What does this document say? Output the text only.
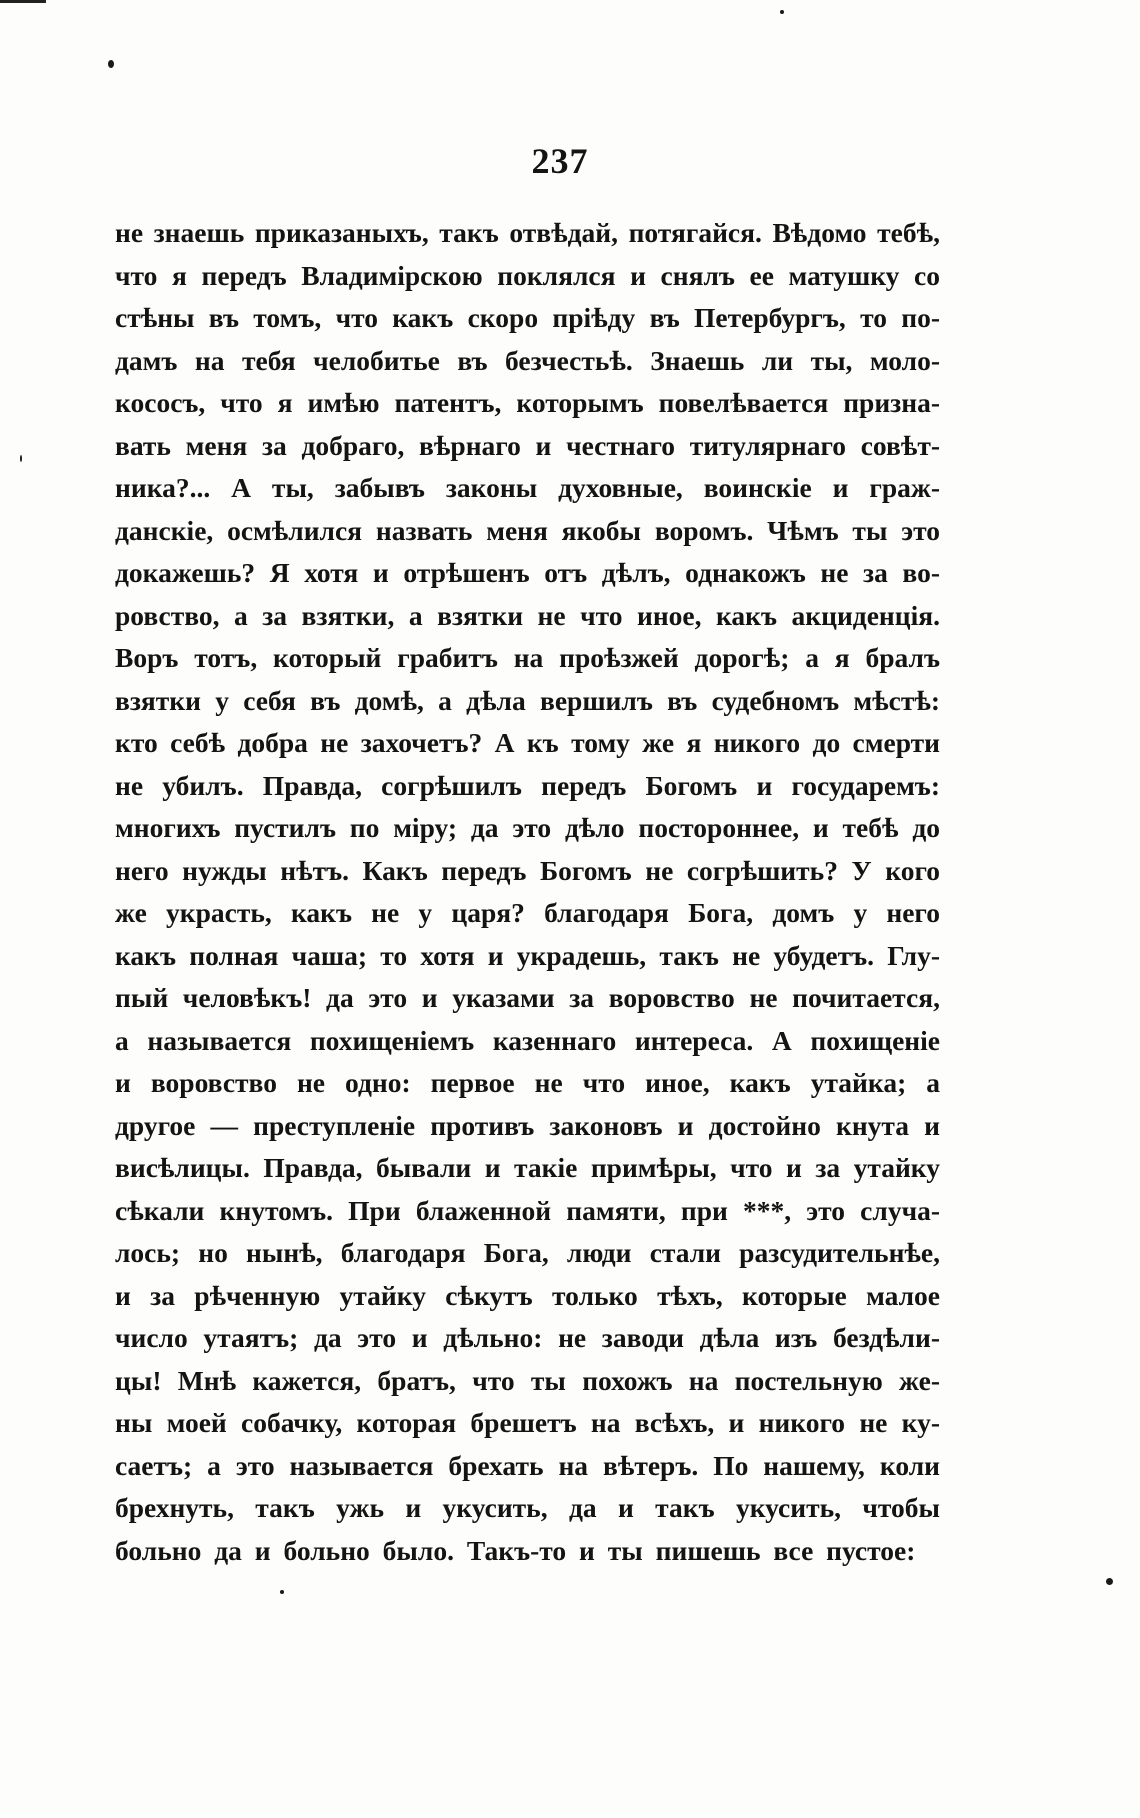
237
не знаешь приказаныхъ, такъ отвѣдай, потягайся. Вѣдомо тебѣ,
что я передъ Владимірскою поклялся и снялъ ее матушку со
стѣны въ томъ, что какъ скоро пріѣду въ Петербургъ, то по-
дамъ на тебя челобитье въ безчестьѣ. Знаешь ли ты, моло-
косоcъ, что я имѣю патентъ, которымъ повелѣвается призна-
вать меня за добраго, вѣрнаго и честнаго титулярнаго совѣт-
ника?... А ты, забывъ законы духовные, воинскіе и граж-
данскіе, осмѣлился назвать меня якобы воромъ. Чѣмъ ты это
докажешь? Я хотя и отрѣшенъ отъ дѣлъ, однакожъ не за во-
ровство, а за взятки, а взятки не что иное, какъ акциденція.
Воръ тотъ, который грабитъ на проѣзжей дорогѣ; а я бралъ
взятки у себя въ домѣ, а дѣла вершилъ въ судебномъ мѣстѣ:
кто себѣ добра не захочетъ? А къ тому же я никого до смерти
не убилъ. Правда, согрѣшилъ передъ Богомъ и государемъ:
многихъ пустилъ по міру; да это дѣло постороннее, и тебѣ до
него нужды нѣтъ. Какъ передъ Богомъ не согрѣшить? У кого
же украсть, какъ не у царя? благодаря Бога, домъ у него
какъ полная чаша; то хотя и украдешь, такъ не убудетъ. Глу-
пый человѣкъ! да это и указами за воровство не почитается,
а называется похищеніемъ казеннаго интереса. А похищеніе
и воровство не одно: первое не что иное, какъ утайка; а
другое — преступленіе противъ законовъ и достойно кнута и
висѣлицы. Правда, бывали и такіе примѣры, что и за утайку
сѣкали кнутомъ. При блаженной памяти, при ***, это случа-
лось; но нынѣ, благодаря Бога, люди стали разсудительнѣе,
и за рѣченную утайку сѣкутъ только тѣхъ, которые малое
число утаятъ; да это и дѣльно: не заводи дѣла изъ бездѣли-
цы! Мнѣ кажется, братъ, что ты похожъ на постельную же-
ны моей собачку, которая брешетъ на всѣхъ, и никого не ку-
саетъ; а это называется брехать на вѣтеръ. По нашему, коли
брехнуть, такъ ужь и укусить, да и такъ укусить, чтобы
больно да и больно было. Такъ-то и ты пишешь все пустое:
